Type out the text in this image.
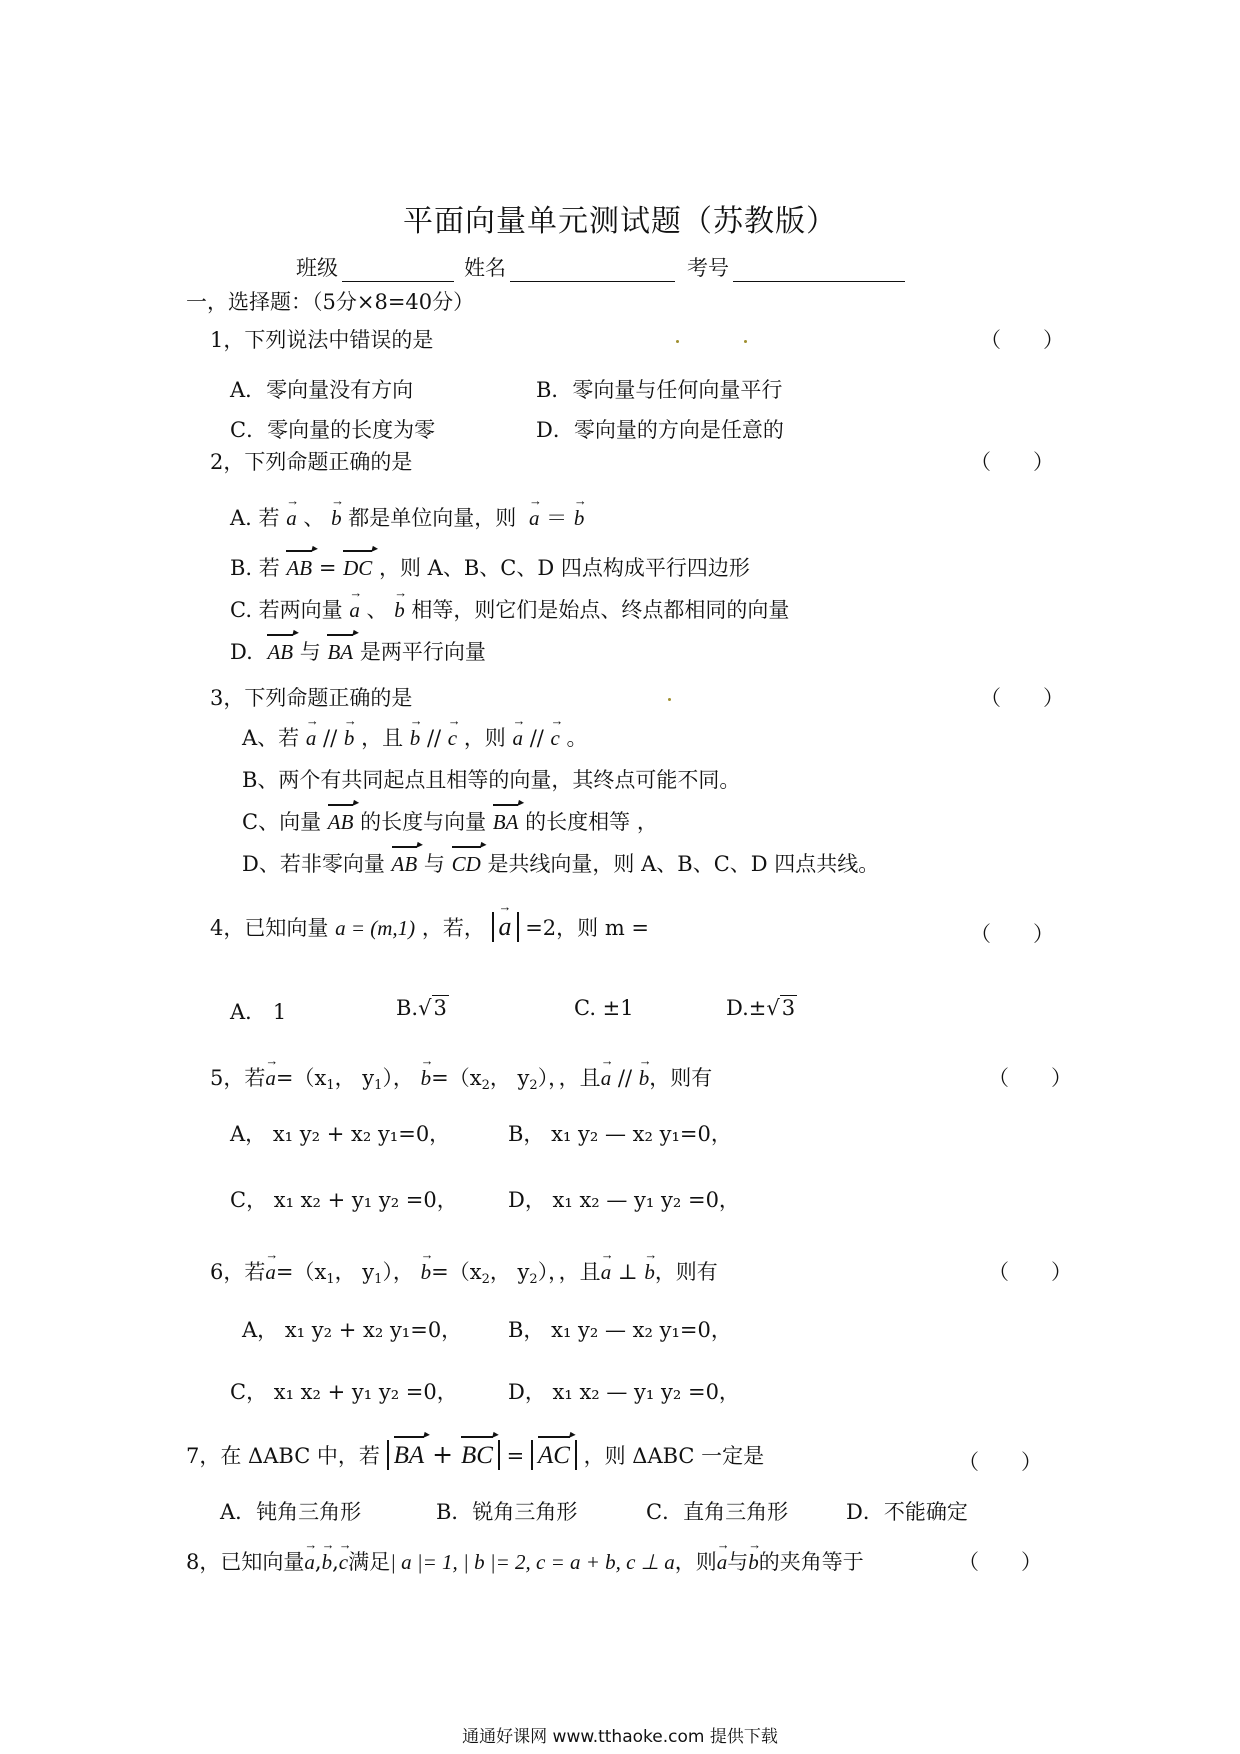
平面向量单元测试题（苏教版）
班级	姓名	考号
一，选择题：（5分×8=40分）
1，下列说法中错误的是	（　　）
A．零向量没有方向	B．零向量与任何向量平行
C．零向量的长度为零	D．零向量的方向是任意的
2，下列命题正确的是	（　　）
A. 若
→
a 、
→
b 都是单位向量，则
→
a ＝
→
b
B. 若
▸ AB =
▸ DC ，则 A、B、C、D 四点构成平行四边形
C. 若两向量
→
a 、
→
b 相等，则它们是始点、终点都相同的向量
D.
▸ AB 与
▸ BA 是两平行向量
3，下列命题正确的是	（　　）
A、若
→
a //
→
b ，且
→
b //
→
c ，则
→
a //
→
c 。
B、两个有共同起点且相等的向量，其终点可能不同。
C、向量
▸ AB 的长度与向量
▸ BA 的长度相等 ，
D、若非零向量
▸ AB 与
▸ CD 是共线向量，则 A、B、C、D 四点共线。
4，已知向量 a = (m,1) ，若，
→
a =2，则 m =	（　　）
A． 1	B.√3	C. ±1	D.±√3
5，若
→
$a=(x_1$， $y_1$），
→
$b=(x_2$， $y_2$），，且
→
a //
→
b，则有	（　　）
A， x₁ y₂ + x₂ y₁=0，	B， x₁ y₂ — x₂ y₁=0，
C， x₁ x₂ + y₁ y₂ =0， D， x₁ x₂ — y₁ y₂ =0，
6，若
→
$a=(x_1$， $y_1$），
→
$b=(x_2$， $y_2$），，且
→
a ⊥
→
b，则有	（　　）
A， x₁ y₂ + x₂ y₁=0， B， x₁ y₂ — x₂ y₁=0，
C， x₁ x₂ + y₁ y₂ =0， D， x₁ x₂ — y₁ y₂ =0，
7，在 ΔABC 中，若
▸ BA +
▸ BC =
▸ AC ，则 ΔABC 一定是	（　　）
A．钝角三角形	B．锐角三角形	C．直角三角形	D．不能确定
8，已知向量
→
a,
→
b,
→
c满足| a |= 1, | b |= 2, c = a + b, c ⊥ a，则
→
a与
→
b的夹角等于	（　　）
通通好课网 www.tthaoke.com 提供下载
